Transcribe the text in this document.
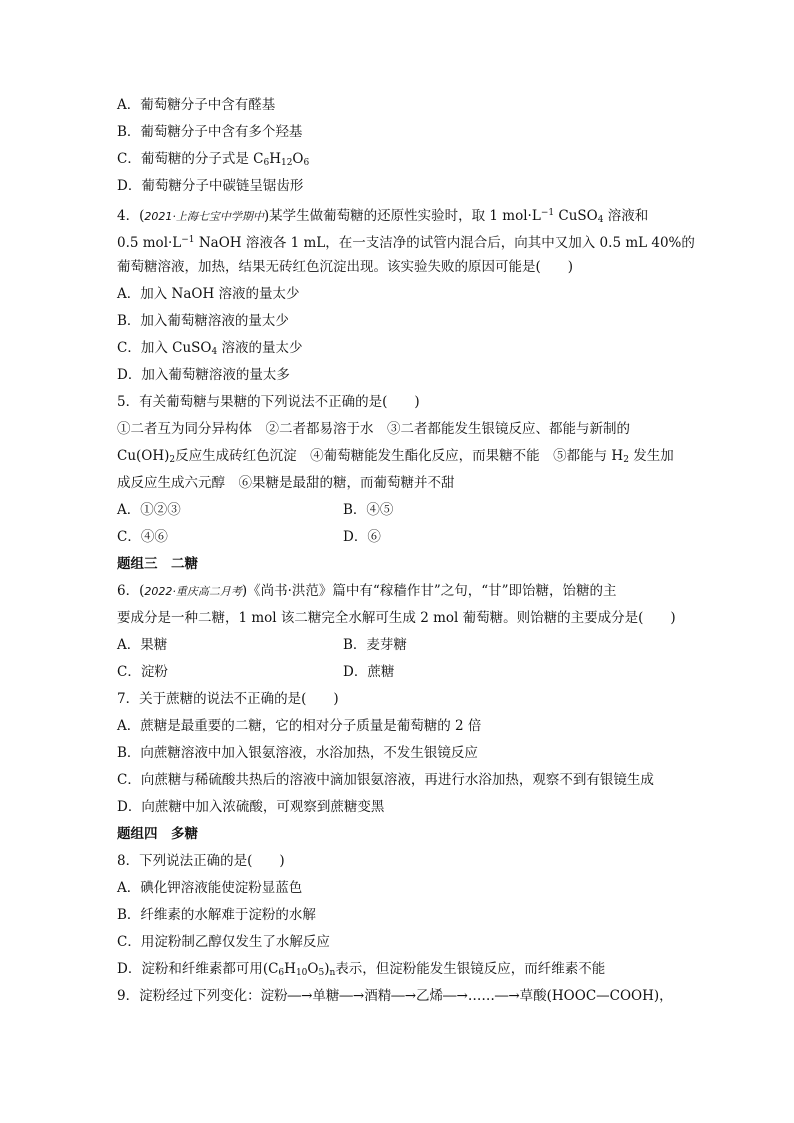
A．葡萄糖分子中含有醛基
B．葡萄糖分子中含有多个羟基
C．葡萄糖的分子式是 $C_6H_{12}O_6$
D．葡萄糖分子中碳链呈锯齿形
4．(2021·上海七宝中学期中)某学生做葡萄糖的还原性实验时，取 1 $mol\cdot L^{-1}$ CuSO$_4$ 溶液和
0.5 $mol\cdot L^{-1}$ NaOH 溶液各 1 mL，在一支洁净的试管内混合后，向其中又加入 0.5 mL 40%的
葡萄糖溶液，加热，结果无砖红色沉淀出现。该实验失败的原因可能是(　　)
A．加入 NaOH 溶液的量太少
B．加入葡萄糖溶液的量太少
C．加入 CuSO$_4$ 溶液的量太少
D．加入葡萄糖溶液的量太多
5．有关葡萄糖与果糖的下列说法不正确的是(　　)
①二者互为同分异构体　②二者都易溶于水　③二者都能发生银镜反应、都能与新制的
$Cu(OH)_2$反应生成砖红色沉淀　④葡萄糖能发生酯化反应，而果糖不能　⑤都能与 $H_2$ 发生加
成反应生成六元醇　⑥果糖是最甜的糖，而葡萄糖并不甜
A．①②③	B．④⑤
C．④⑥	D．⑥
题组三　二糖
6．(2022·重庆高二月考)《尚书·洪范》篇中有“稼穑作甘”之句，“甘”即饴糖，饴糖的主
要成分是一种二糖，1 mol 该二糖完全水解可生成 2 mol 葡萄糖。则饴糖的主要成分是(　　)
A．果糖	B．麦芽糖
C．淀粉	D．蔗糖
7．关于蔗糖的说法不正确的是(　　)
A．蔗糖是最重要的二糖，它的相对分子质量是葡萄糖的 2 倍
B．向蔗糖溶液中加入银氨溶液，水浴加热，不发生银镜反应
C．向蔗糖与稀硫酸共热后的溶液中滴加银氨溶液，再进行水浴加热，观察不到有银镜生成
D．向蔗糖中加入浓硫酸，可观察到蔗糖变黑
题组四　多糖
8．下列说法正确的是(　　)
A．碘化钾溶液能使淀粉显蓝色
B．纤维素的水解难于淀粉的水解
C．用淀粉制乙醇仅发生了水解反应
D．淀粉和纤维素都可用$(C_6H_{10}O_5)_n$表示，但淀粉能发生银镜反应，而纤维素不能
9．淀粉经过下列变化：淀粉―→单糖―→酒精―→乙烯―→……―→草酸(HOOC—COOH)，
